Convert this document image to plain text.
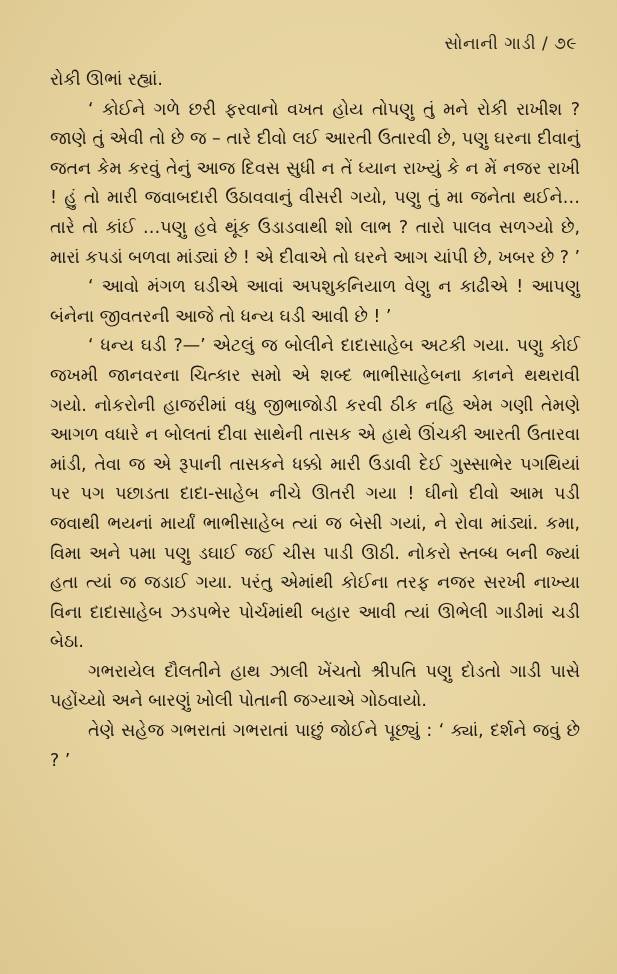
સોનાની ગાડી / ૭૯

રોકી ઊભાં રહ્યાં.

‘ કોઈને ગળે છરી ફરવાનો વખત હોય તોપણુ તું મને રોકી રાખીશ ? જાણે તું એવી તો છે જ – તારે દીવો લઈ આરતી ઉતારવી છે, પણુ ઘરના દીવાનું જતન કેમ કરવું તેનું આજ દિવસ સુધી ન તેં ધ્યાન રાખ્યું કે ન મેં નજર રાખી ! હું તો મારી જવાબદારી ઉઠાવવાનું વીસરી ગયો, પણુ તું મા જનેતા થઈને…તારે તો કાંઈ …પણુ હવે થૂંક ઉડાડવાથી શો લાભ ? તારો પાલવ સળગ્યો છે, મારાં કપડાં બળવા માંડ્યાં છે ! એ દીવાએ તો ઘરને આગ ચાંપી છે, ખબર છે ? ’

‘ આવો મંગળ ઘડીએ આવાં અપશુકનિયાળ વેણુ ન કાઢીએ ! આપણુ બંનેના જીવતરની આજે તો ધન્ય ઘડી આવી છે ! ’

‘ ધન્ય ઘડી ?—’ એટલું જ બોલીને દાદાસાહેબ અટકી ગયા. પણુ કોઈ જખમી જાનવરના ચિત્કાર સમો એ શબ્દ ભાભીસાહેબના કાનને થથરાવી ગયો. નોકરોની હાજરીમાં વધુ જીભાજોડી કરવી ઠીક નહિ એમ ગણી તેમણે આગળ વધારે ન બોલતાં દીવા સાથેની તાસક એ હાથે ઊંચકી આરતી ઉતારવા માંડી, તેવા જ એ રૂપાની તાસકને ધક્કો મારી ઉડાવી દેઈ ગુસ્સાભેર પગથિયાં પર પગ પછાડતા દાદા-સાહેબ નીચે ઊતરી ગયા ! ઘીનો દીવો આમ પડી જવાથી ભયનાં માર્યાં ભાભીસાહેબ ત્યાં જ બેસી ગયાં, ને રોવા માંડ્યાં. કમા, વિમા અને પમા પણુ ડઘાઈ જઈ ચીસ પાડી ઊઠી. નોકરો સ્તબ્ધ બની જ્યાં હતા ત્યાં જ જડાઈ ગયા. પરંતુ એમાંથી કોઈના તરફ નજર સરખી નાખ્યા વિના દાદાસાહેબ ઝડપભેર પોર્ચમાંથી બહાર આવી ત્યાં ઊભેલી ગાડીમાં ચડી બેઠા.

ગભરાયેલ દૌલતીને હાથ ઝાલી ખેંચતો શ્રીપતિ પણુ દોડતો ગાડી પાસે પહોંચ્યો અને બારણું ખોલી પોતાની જગ્યાએ ગોઠવાયો.

તેણે સહેજ ગભરાતાં ગભરાતાં પાછું જોઈને પૂછ્યું : ‘ ક્યાં, દર્શને જવું છે ? ’
